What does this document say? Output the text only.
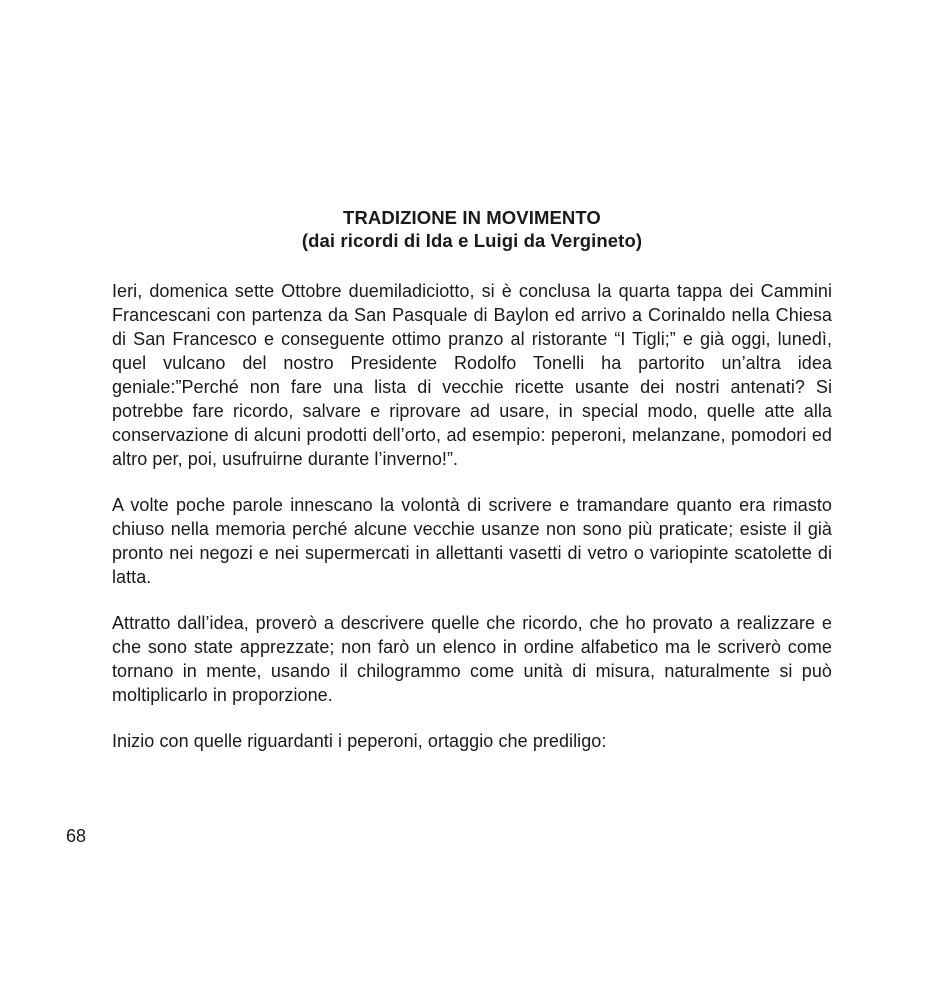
TRADIZIONE IN MOVIMENTO
(dai ricordi di Ida e Luigi da Vergineto)

Ieri, domenica sette Ottobre duemiladiciotto, si è conclusa la quarta tappa dei Cammini Francescani con partenza da San Pasquale di Baylon ed arrivo a Corinaldo nella Chiesa di San Francesco e conseguente ottimo pranzo al ristorante “I Tigli;” e già oggi, lunedì, quel vulcano del nostro Presidente Rodolfo Tonelli ha partorito un’altra idea geniale:”Perché non fare una lista di vecchie ricette usante dei nostri antenati? Si potrebbe fare ricordo, salvare e riprovare ad usare, in special modo, quelle atte alla conservazione di alcuni prodotti dell’orto, ad esempio: peperoni, melanzane, pomodori ed altro per, poi, usufruirne durante l’inverno!”.

A volte poche parole innescano la volontà di scrivere e tramandare quanto era rimasto chiuso nella memoria perché alcune vecchie usanze non sono più praticate; esiste il già pronto nei negozi e nei supermercati in allettanti vasetti di vetro o variopinte scatolette di latta.

Attratto dall’idea, proverò a descrivere quelle che ricordo, che ho provato a realizzare e che sono state apprezzate; non farò un elenco in ordine alfabetico ma le scriverò come tornano in mente, usando il chilogrammo come unità di misura, naturalmente si può moltiplicarlo in proporzione.

Inizio con quelle riguardanti i peperoni, ortaggio che prediligo:

68
